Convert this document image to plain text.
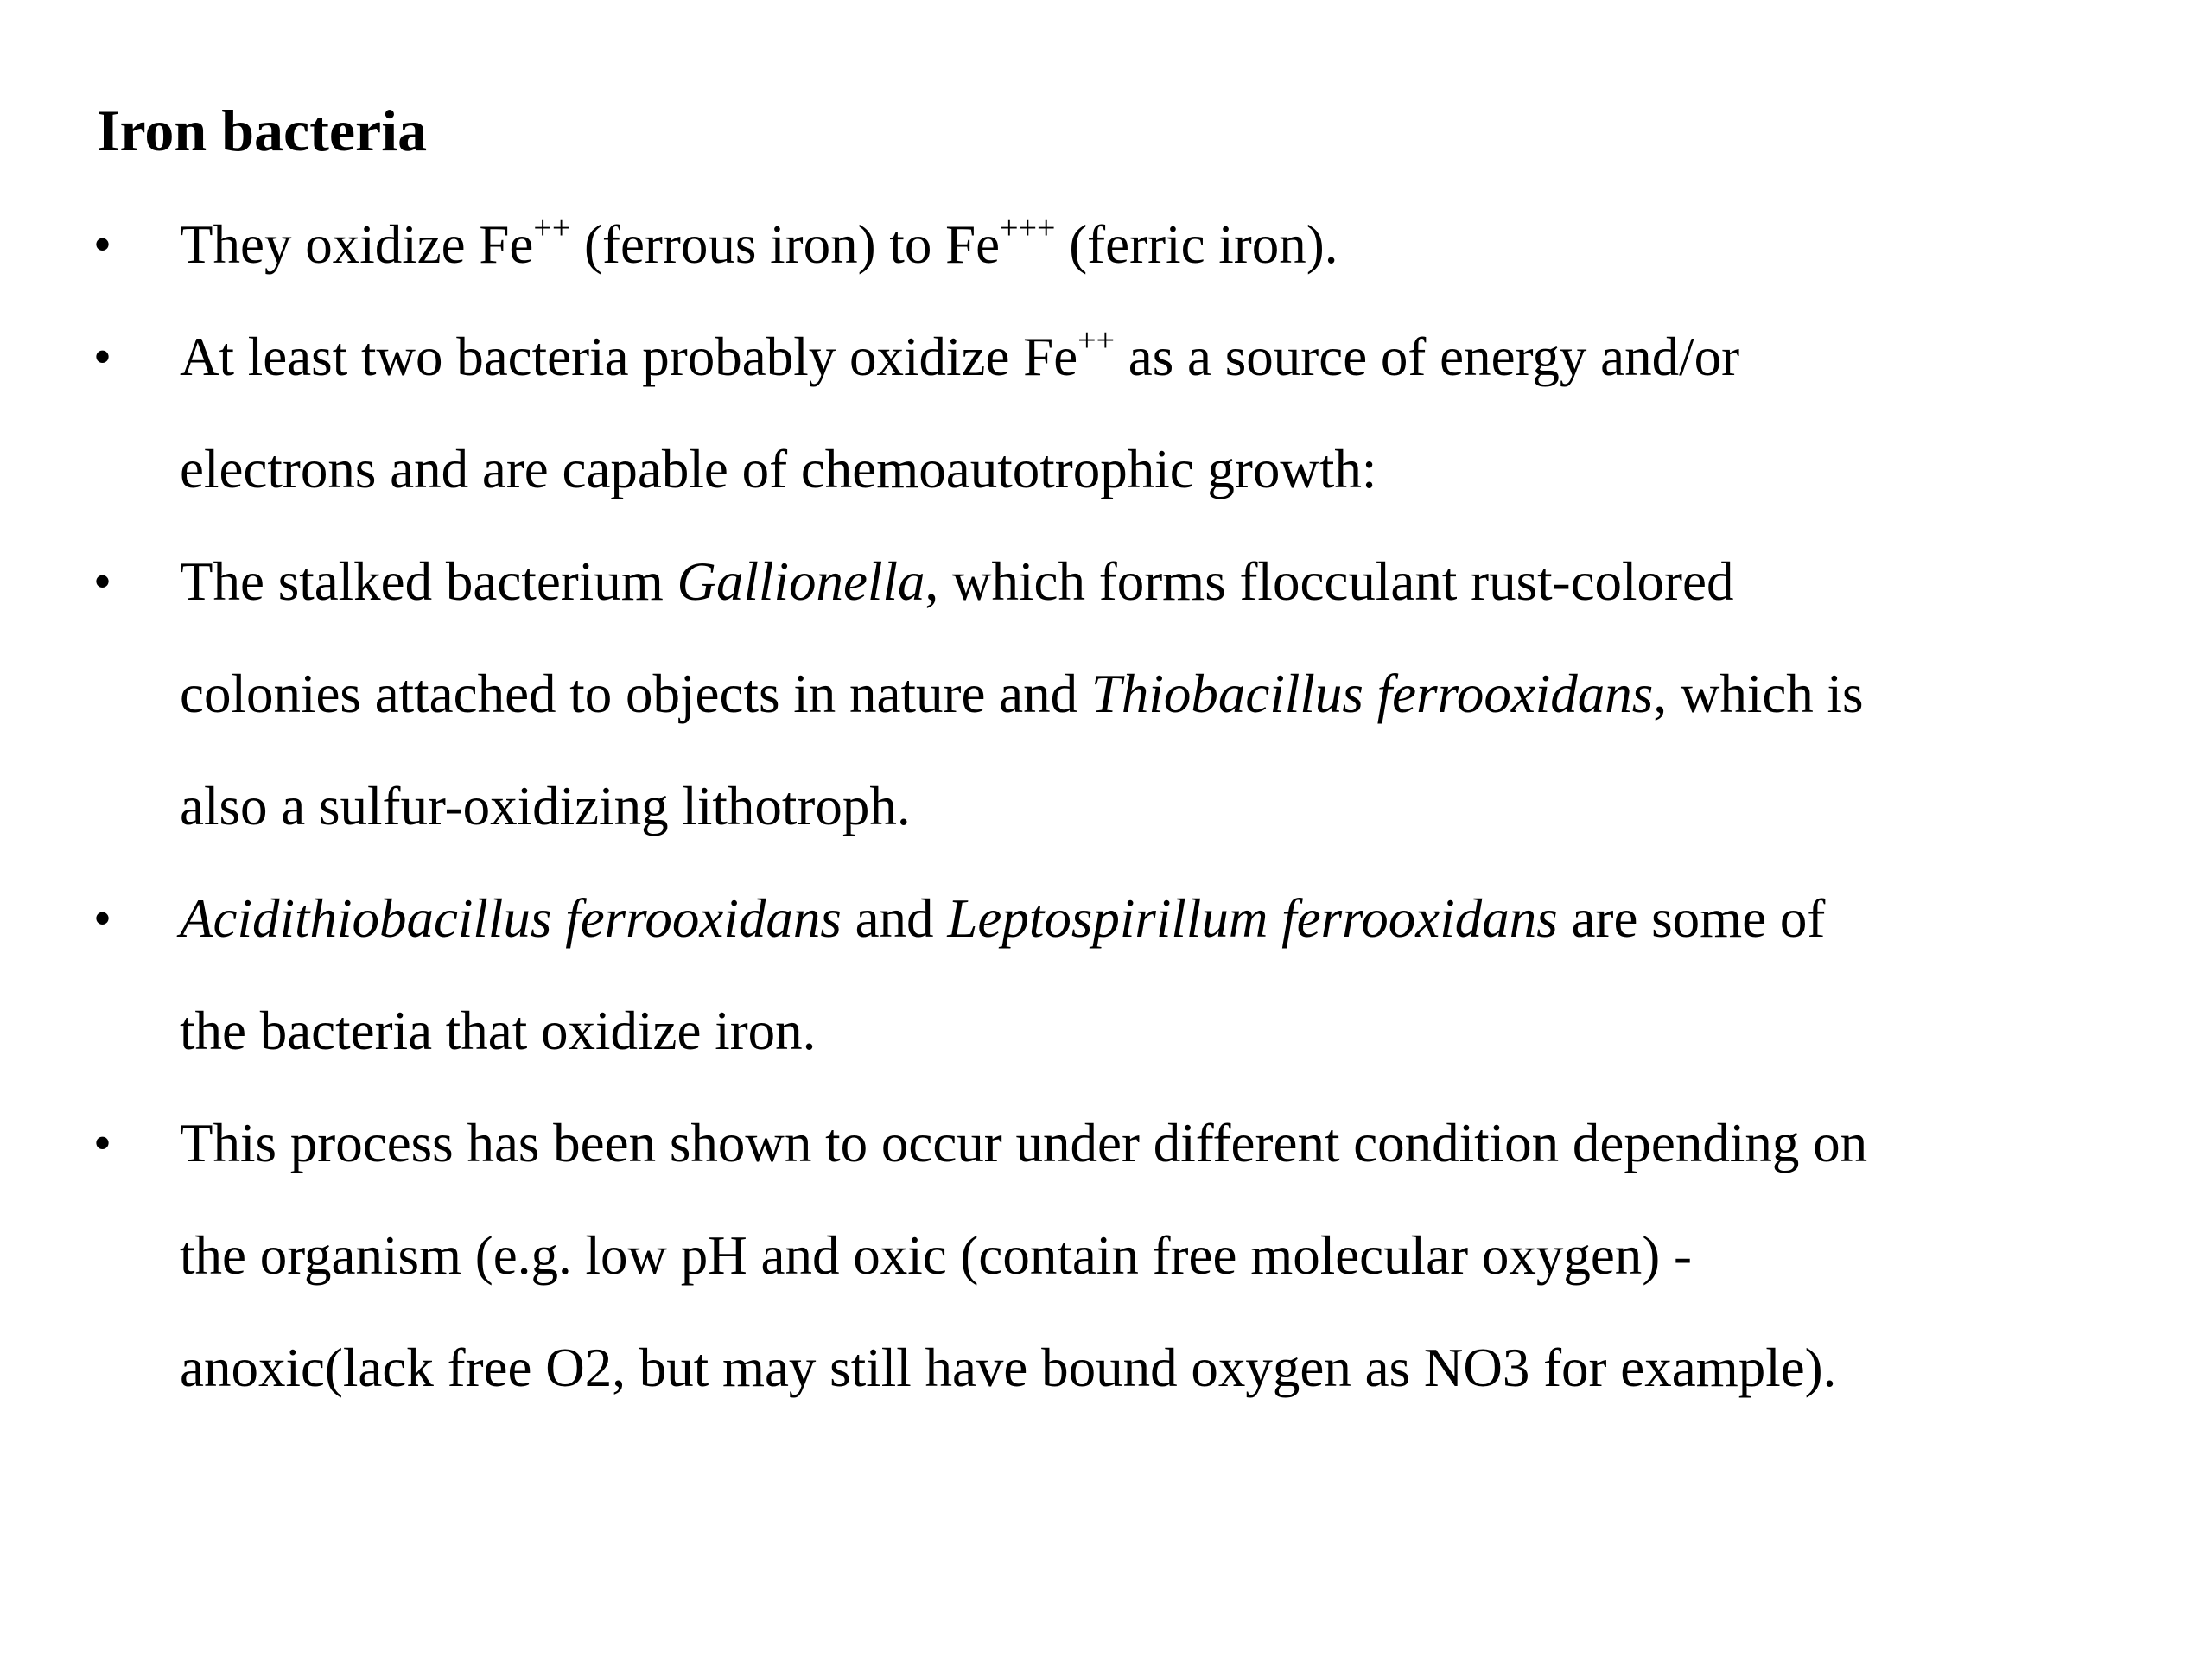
Iron bacteria
• They oxidize Fe++ (ferrous iron) to Fe+++ (ferric iron).
• At least two bacteria probably oxidize Fe++ as a source of energy and/or
electrons and are capable of chemoautotrophic growth:
• The stalked bacterium Gallionella, which forms flocculant rust-colored
colonies attached to objects in nature and Thiobacillus ferrooxidans, which is
also a sulfur-oxidizing lithotroph.
• Acidithiobacillus ferrooxidans and Leptospirillum ferrooxidans are some of
the bacteria that oxidize iron.
• This process has been shown to occur under different condition depending on
the organism (e.g. low pH and oxic (contain free molecular oxygen) -
anoxic(lack free O2, but may still have bound oxygen as NO3 for example).
